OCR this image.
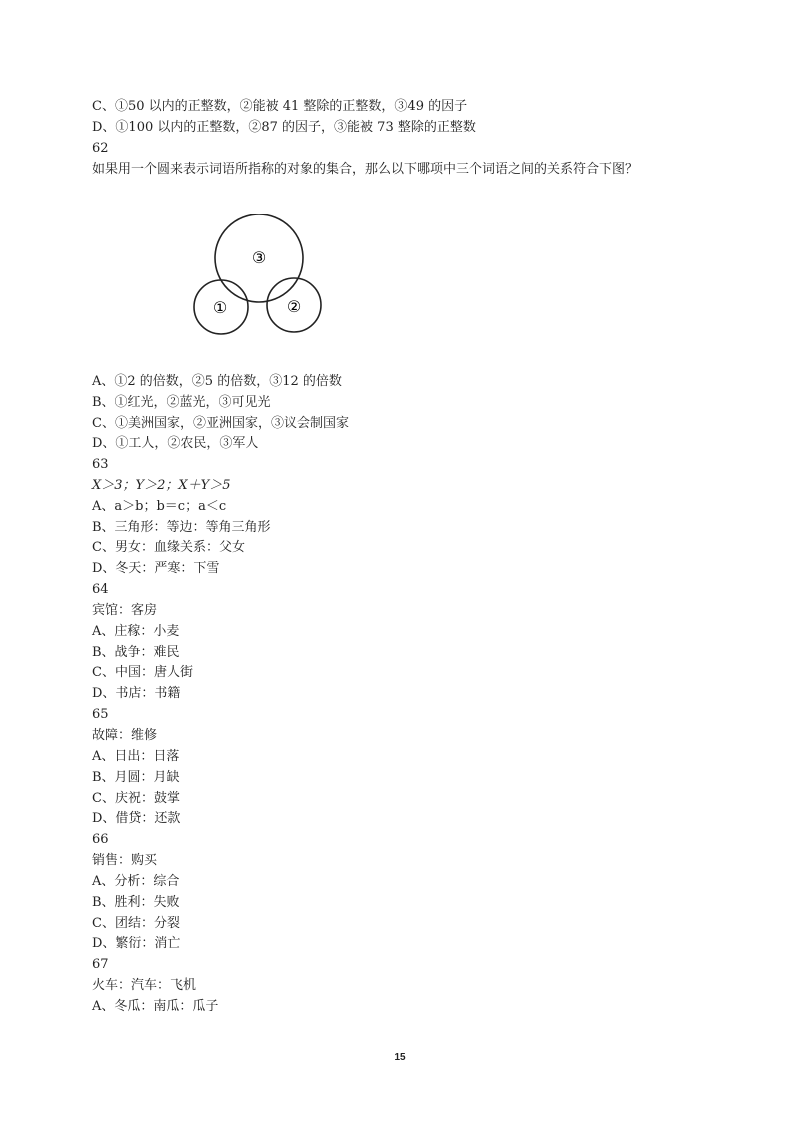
C、①50 以内的正整数，②能被 41 整除的正整数，③49 的因子
D、①100 以内的正整数，②87 的因子，③能被 73 整除的正整数
62
如果用一个圆来表示词语所指称的对象的集合，那么以下哪项中三个词语之间的关系符合下图？
①	②
③
A、①2 的倍数，②5 的倍数，③12 的倍数
B、①红光，②蓝光，③可见光
C、①美洲国家，②亚洲国家，③议会制国家
D、①工人，②农民，③军人
63
X＞3；Y＞2；X＋Y＞5
A、a＞b；b＝c；a＜c
B、三角形：等边：等角三角形
C、男女：血缘关系：父女
D、冬天：严寒：下雪
64
宾馆：客房
A、庄稼：小麦
B、战争：难民
C、中国：唐人街
D、书店：书籍
65
故障：维修
A、日出：日落
B、月圆：月缺
C、庆祝：鼓掌
D、借贷：还款
66
销售：购买
A、分析：综合
B、胜利：失败
C、团结：分裂
D、繁衍：消亡
67
火车：汽车：飞机
A、冬瓜：南瓜：瓜子
15
